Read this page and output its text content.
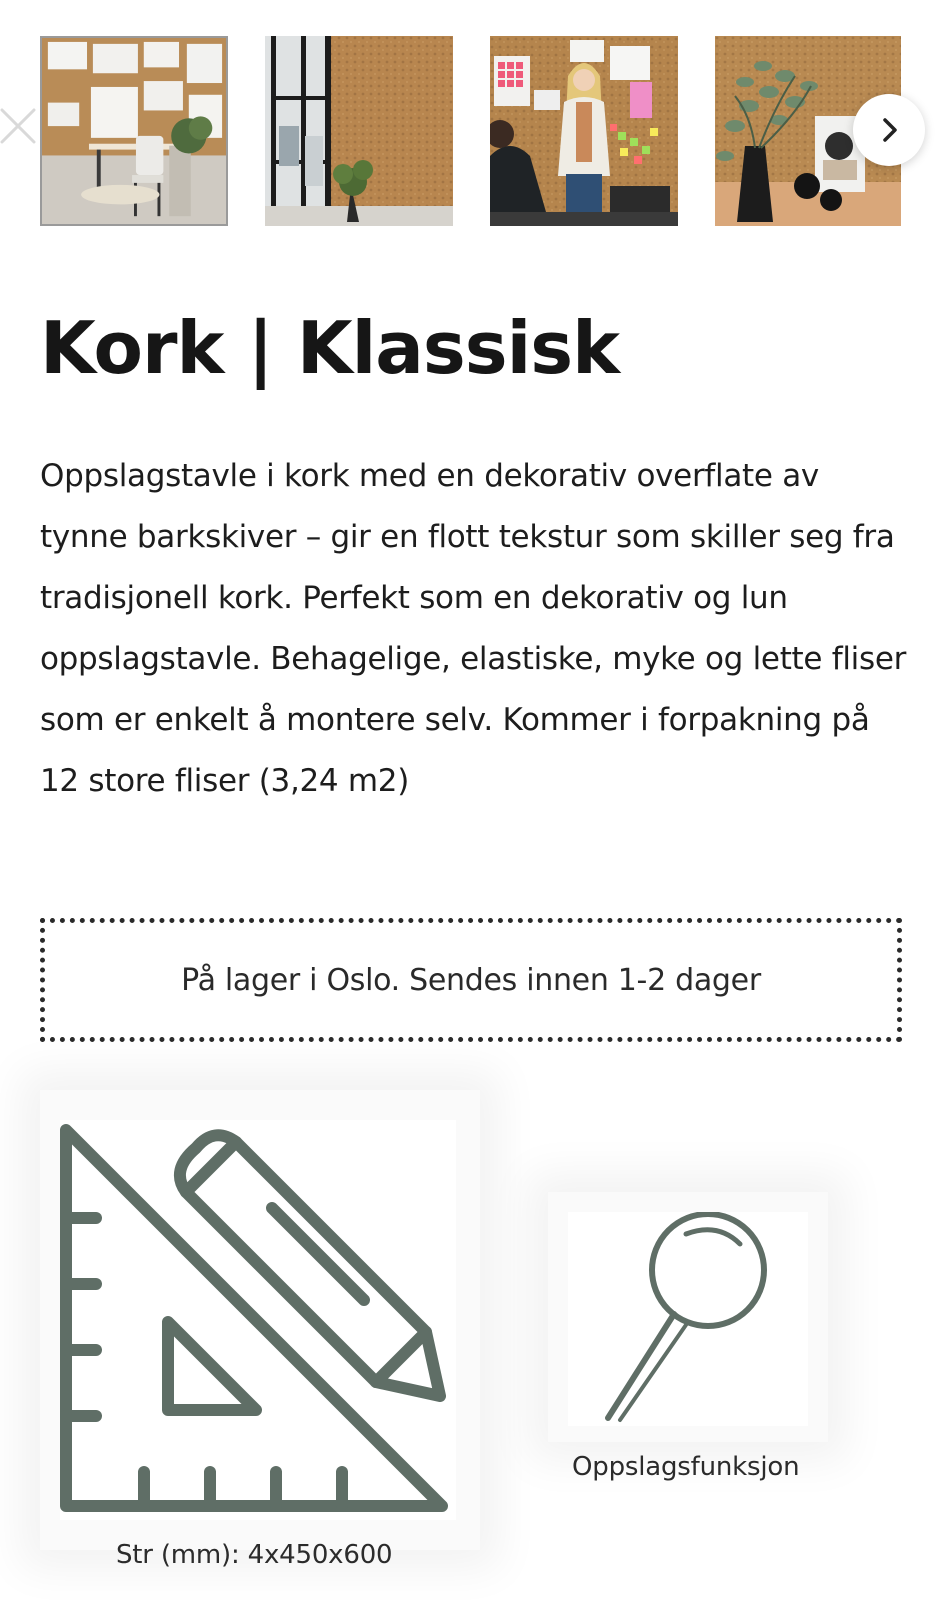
Kork | Klassisk

Oppslagstavle i kork med en dekorativ overflate av tynne barkskiver – gir en flott tekstur som skiller seg fra tradisjonell kork. Perfekt som en dekorativ og lun oppslagstavle. Behagelige, elastiske, myke og lette fliser som er enkelt å montere selv. Kommer i forpakning på 12 store fliser (3,24 m2)

På lager i Oslo. Sendes innen 1-2 dager
Str (mm): 4x450x600
Oppslagsfunksjon
